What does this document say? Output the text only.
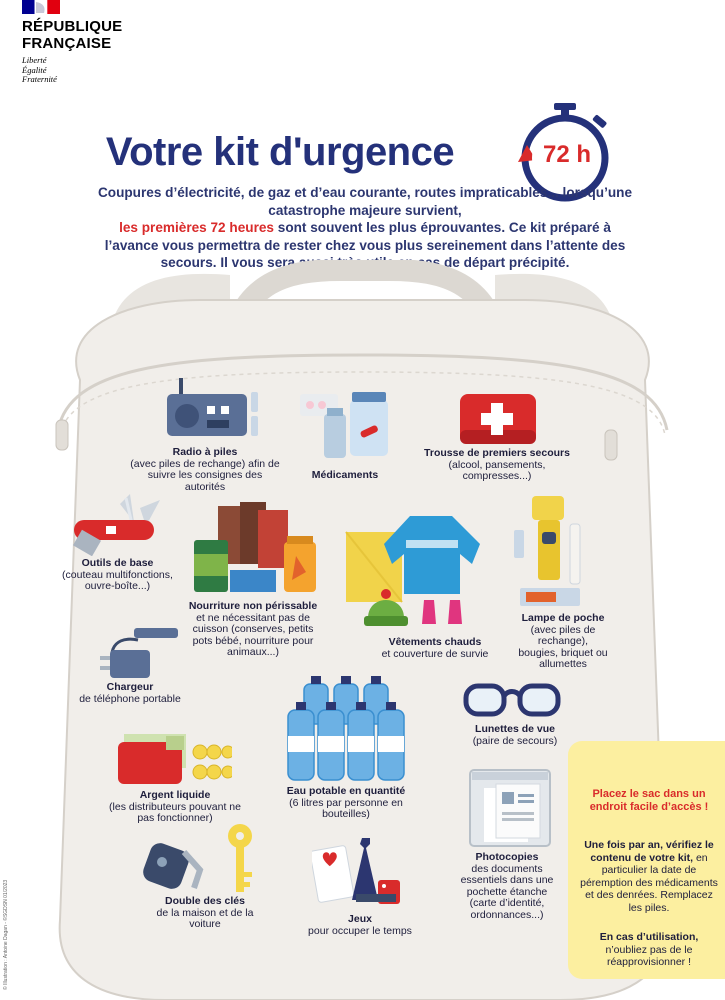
RÉPUBLIQUE
FRANÇAISE
Liberté
Égalité
Fraternité
Votre kit d'urgence	72 h
Coupures d’électricité, de gaz et d’eau courante, routes impraticables... lorsqu’une catastrophe majeure survient,
les premières 72 heures sont souvent les plus éprouvantes. Ce kit préparé à l’avance vous permettra de rester chez vous plus sereinement dans l’attente des secours. Il vous sera aussi très utile en cas de départ précipité.
Radio à piles
(avec piles de rechange) afin de suivre les consignes des autorités
Médicaments
Trousse de premiers secours
(alcool, pansements, compresses...)
Outils de base
(couteau multifonctions, ouvre-boîte...)
Nourriture non périssable
et ne nécessitant pas de cuisson (conserves, petits pots bébé, nourriture pour animaux...)
Vêtements chauds
et couverture de survie
Lampe de poche
(avec piles de rechange), bougies, briquet ou allumettes
Chargeur
de téléphone portable
Eau potable en quantité
(6 litres par personne en bouteilles)
Lunettes de vue
(paire de secours)
Argent liquide
(les distributeurs pouvant ne pas fonctionner)
Photocopies
des documents essentiels dans une pochette étanche (carte d’identité, ordonnances...)
Double des clés
de la maison et de la voiture	Jeux
pour occuper le temps
Placez le sac dans un endroit facile d’accès !
Une fois par an, vérifiez le contenu de votre kit, en particulier la date de péremption des médicaments et des denrées. Remplacez les piles.
En cas d’utilisation, n’oubliez pas de le réapprovisionner !
© Illustration : Antoine Dagan - ©SGDSN 01/2023
